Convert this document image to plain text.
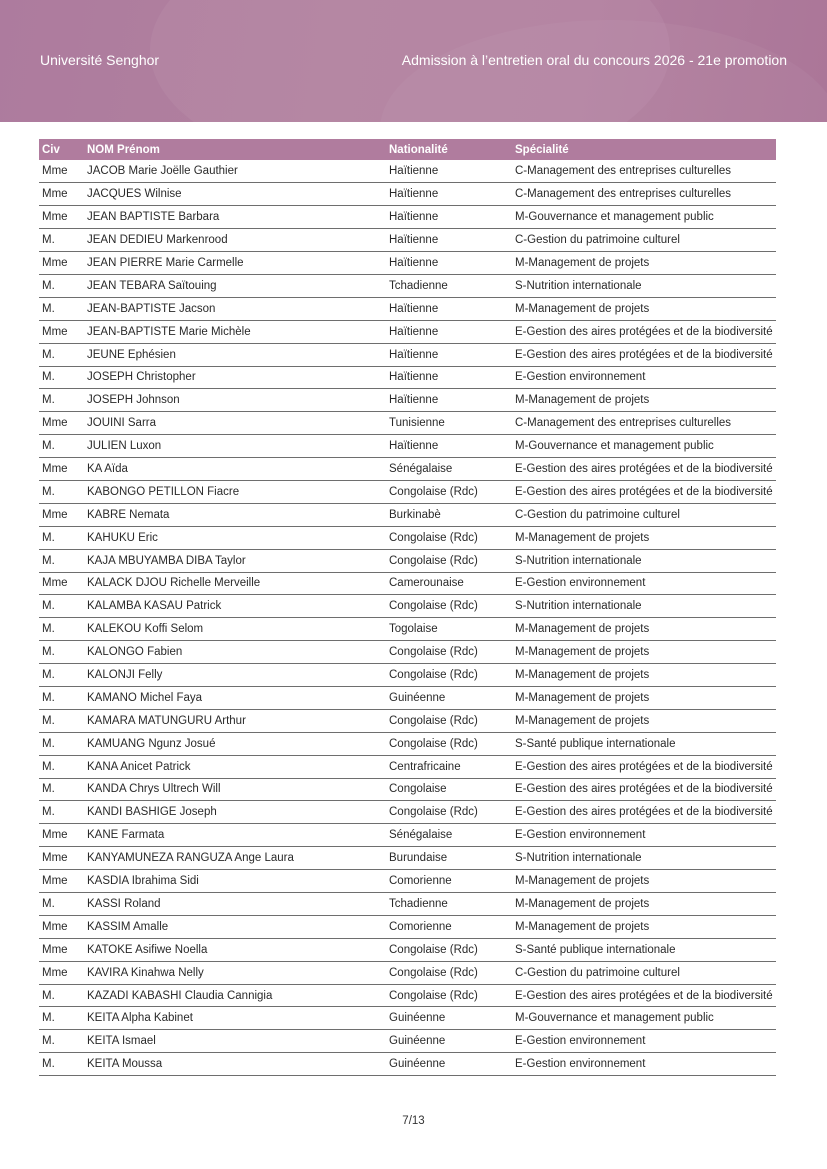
Université Senghor	Admission à l’entretien oral du concours 2026 - 21e promotion
Civ	NOM Prénom	Nationalité	Spécialité
Mme	JACOB Marie Joëlle Gauthier	Haïtienne	C-Management des entreprises culturelles
Mme	JACQUES Wilnise	Haïtienne	C-Management des entreprises culturelles
Mme	JEAN BAPTISTE Barbara	Haïtienne	M-Gouvernance et management public
M.	JEAN DEDIEU Markenrood	Haïtienne	C-Gestion du patrimoine culturel
Mme	JEAN PIERRE Marie Carmelle	Haïtienne	M-Management de projets
M.	JEAN TEBARA Saïtouing	Tchadienne	S-Nutrition internationale
M.	JEAN-BAPTISTE Jacson	Haïtienne	M-Management de projets
Mme	JEAN-BAPTISTE Marie Michèle	Haïtienne	E-Gestion des aires protégées et de la biodiversité
M.	JEUNE Ephésien	Haïtienne	E-Gestion des aires protégées et de la biodiversité
M.	JOSEPH Christopher	Haïtienne	E-Gestion environnement
M.	JOSEPH Johnson	Haïtienne	M-Management de projets
Mme	JOUINI Sarra	Tunisienne	C-Management des entreprises culturelles
M.	JULIEN Luxon	Haïtienne	M-Gouvernance et management public
Mme	KA Aïda	Sénégalaise	E-Gestion des aires protégées et de la biodiversité
M.	KABONGO PETILLON Fiacre	Congolaise (Rdc)	E-Gestion des aires protégées et de la biodiversité
Mme	KABRE Nemata	Burkinabè	C-Gestion du patrimoine culturel
M.	KAHUKU Eric	Congolaise (Rdc)	M-Management de projets
M.	KAJA MBUYAMBA DIBA Taylor	Congolaise (Rdc)	S-Nutrition internationale
Mme	KALACK DJOU Richelle Merveille	Camerounaise	E-Gestion environnement
M.	KALAMBA KASAU Patrick	Congolaise (Rdc)	S-Nutrition internationale
M.	KALEKOU Koffi Selom	Togolaise	M-Management de projets
M.	KALONGO Fabien	Congolaise (Rdc)	M-Management de projets
M.	KALONJI Felly	Congolaise (Rdc)	M-Management de projets
M.	KAMANO Michel Faya	Guinéenne	M-Management de projets
M.	KAMARA MATUNGURU Arthur	Congolaise (Rdc)	M-Management de projets
M.	KAMUANG Ngunz Josué	Congolaise (Rdc)	S-Santé publique internationale
M.	KANA Anicet Patrick	Centrafricaine	E-Gestion des aires protégées et de la biodiversité
M.	KANDA Chrys Ultrech Will	Congolaise	E-Gestion des aires protégées et de la biodiversité
M.	KANDI BASHIGE Joseph	Congolaise (Rdc)	E-Gestion des aires protégées et de la biodiversité
Mme	KANE Farmata	Sénégalaise	E-Gestion environnement
Mme	KANYAMUNEZA RANGUZA Ange Laura	Burundaise	S-Nutrition internationale
Mme	KASDIA Ibrahima Sidi	Comorienne	M-Management de projets
M.	KASSI Roland	Tchadienne	M-Management de projets
Mme	KASSIM Amalle	Comorienne	M-Management de projets
Mme	KATOKE Asifiwe Noella	Congolaise (Rdc)	S-Santé publique internationale
Mme	KAVIRA Kinahwa Nelly	Congolaise (Rdc)	C-Gestion du patrimoine culturel
M.	KAZADI KABASHI Claudia Cannigia	Congolaise (Rdc)	E-Gestion des aires protégées et de la biodiversité
M.	KEITA Alpha Kabinet	Guinéenne	M-Gouvernance et management public
M.	KEITA Ismael	Guinéenne	E-Gestion environnement
M.	KEITA Moussa	Guinéenne	E-Gestion environnement
7/13
